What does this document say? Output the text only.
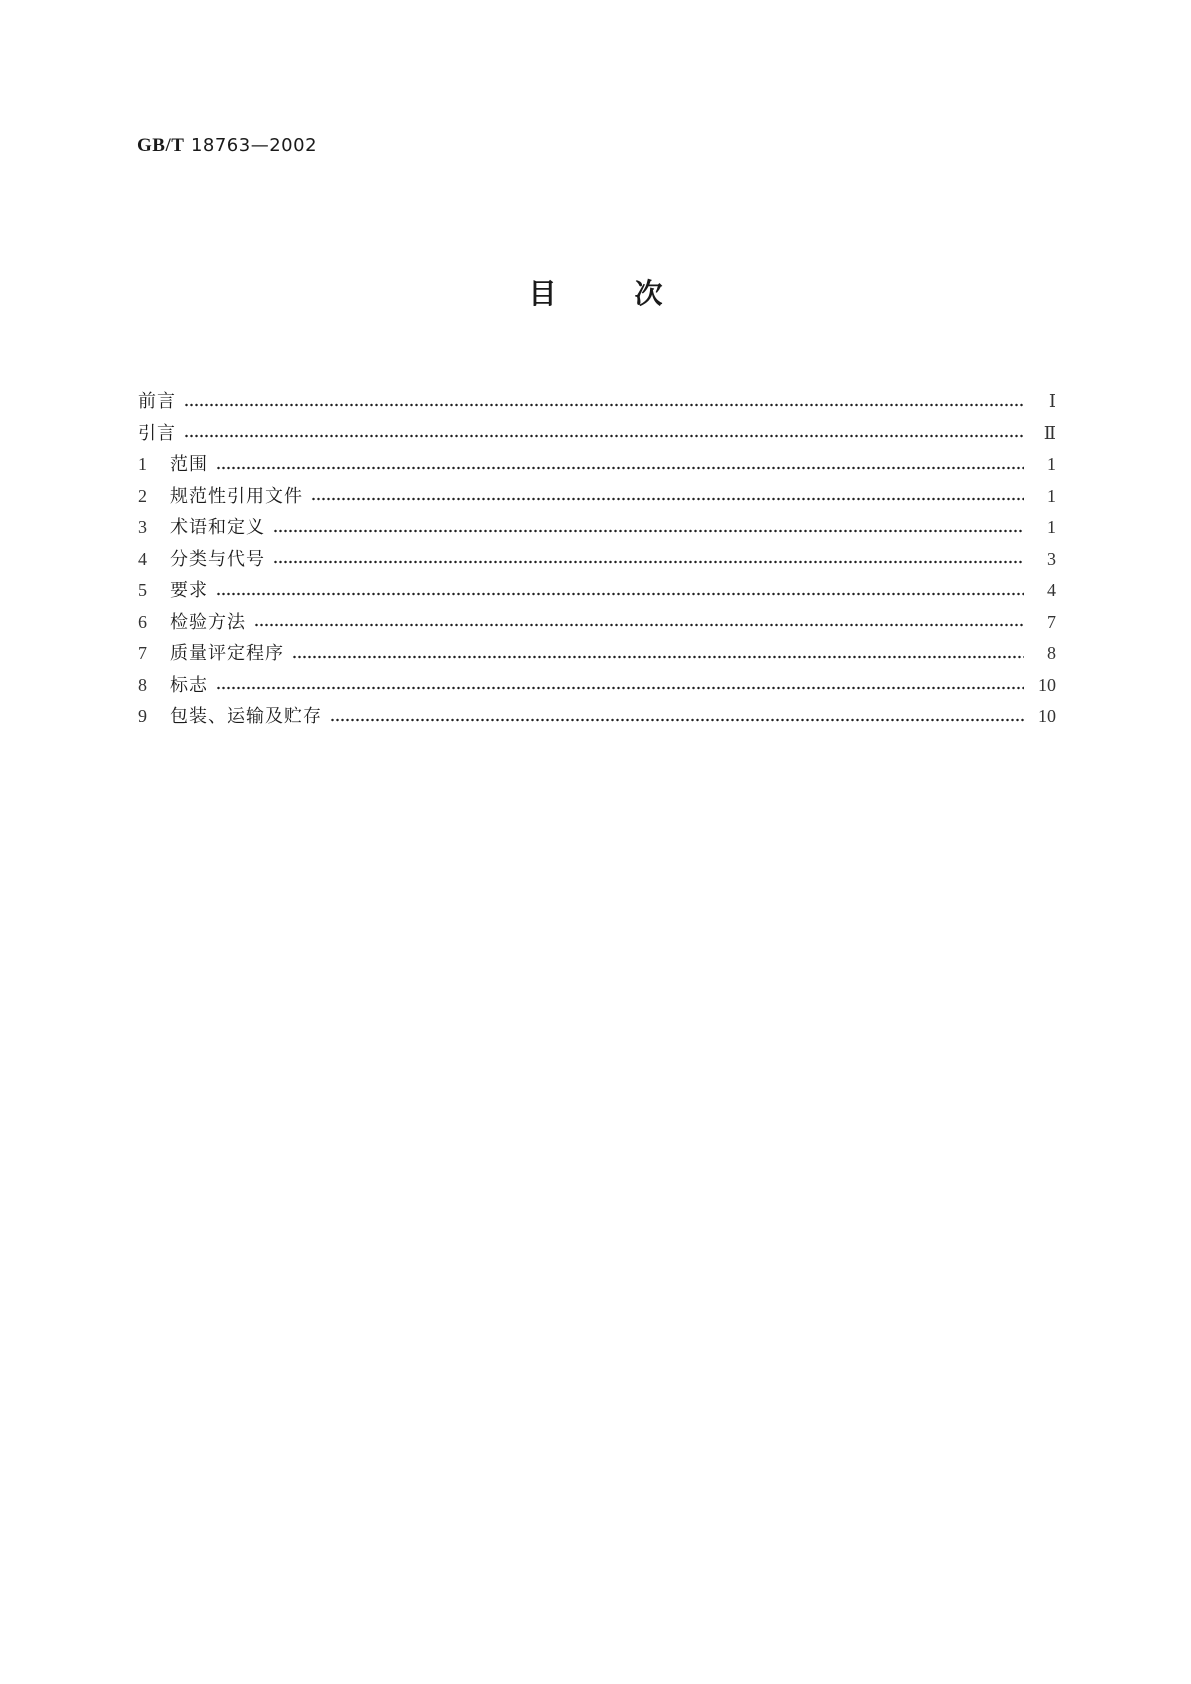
GB/T 18763—2002
目	次
前言	Ⅰ
引言	Ⅱ
1	范围	1
2	规范性引用文件	1
3	术语和定义	1
4	分类与代号	3
5	要求	4
6	检验方法	7
7	质量评定程序	8
8	标志	10
9	包装、运输及贮存	10
